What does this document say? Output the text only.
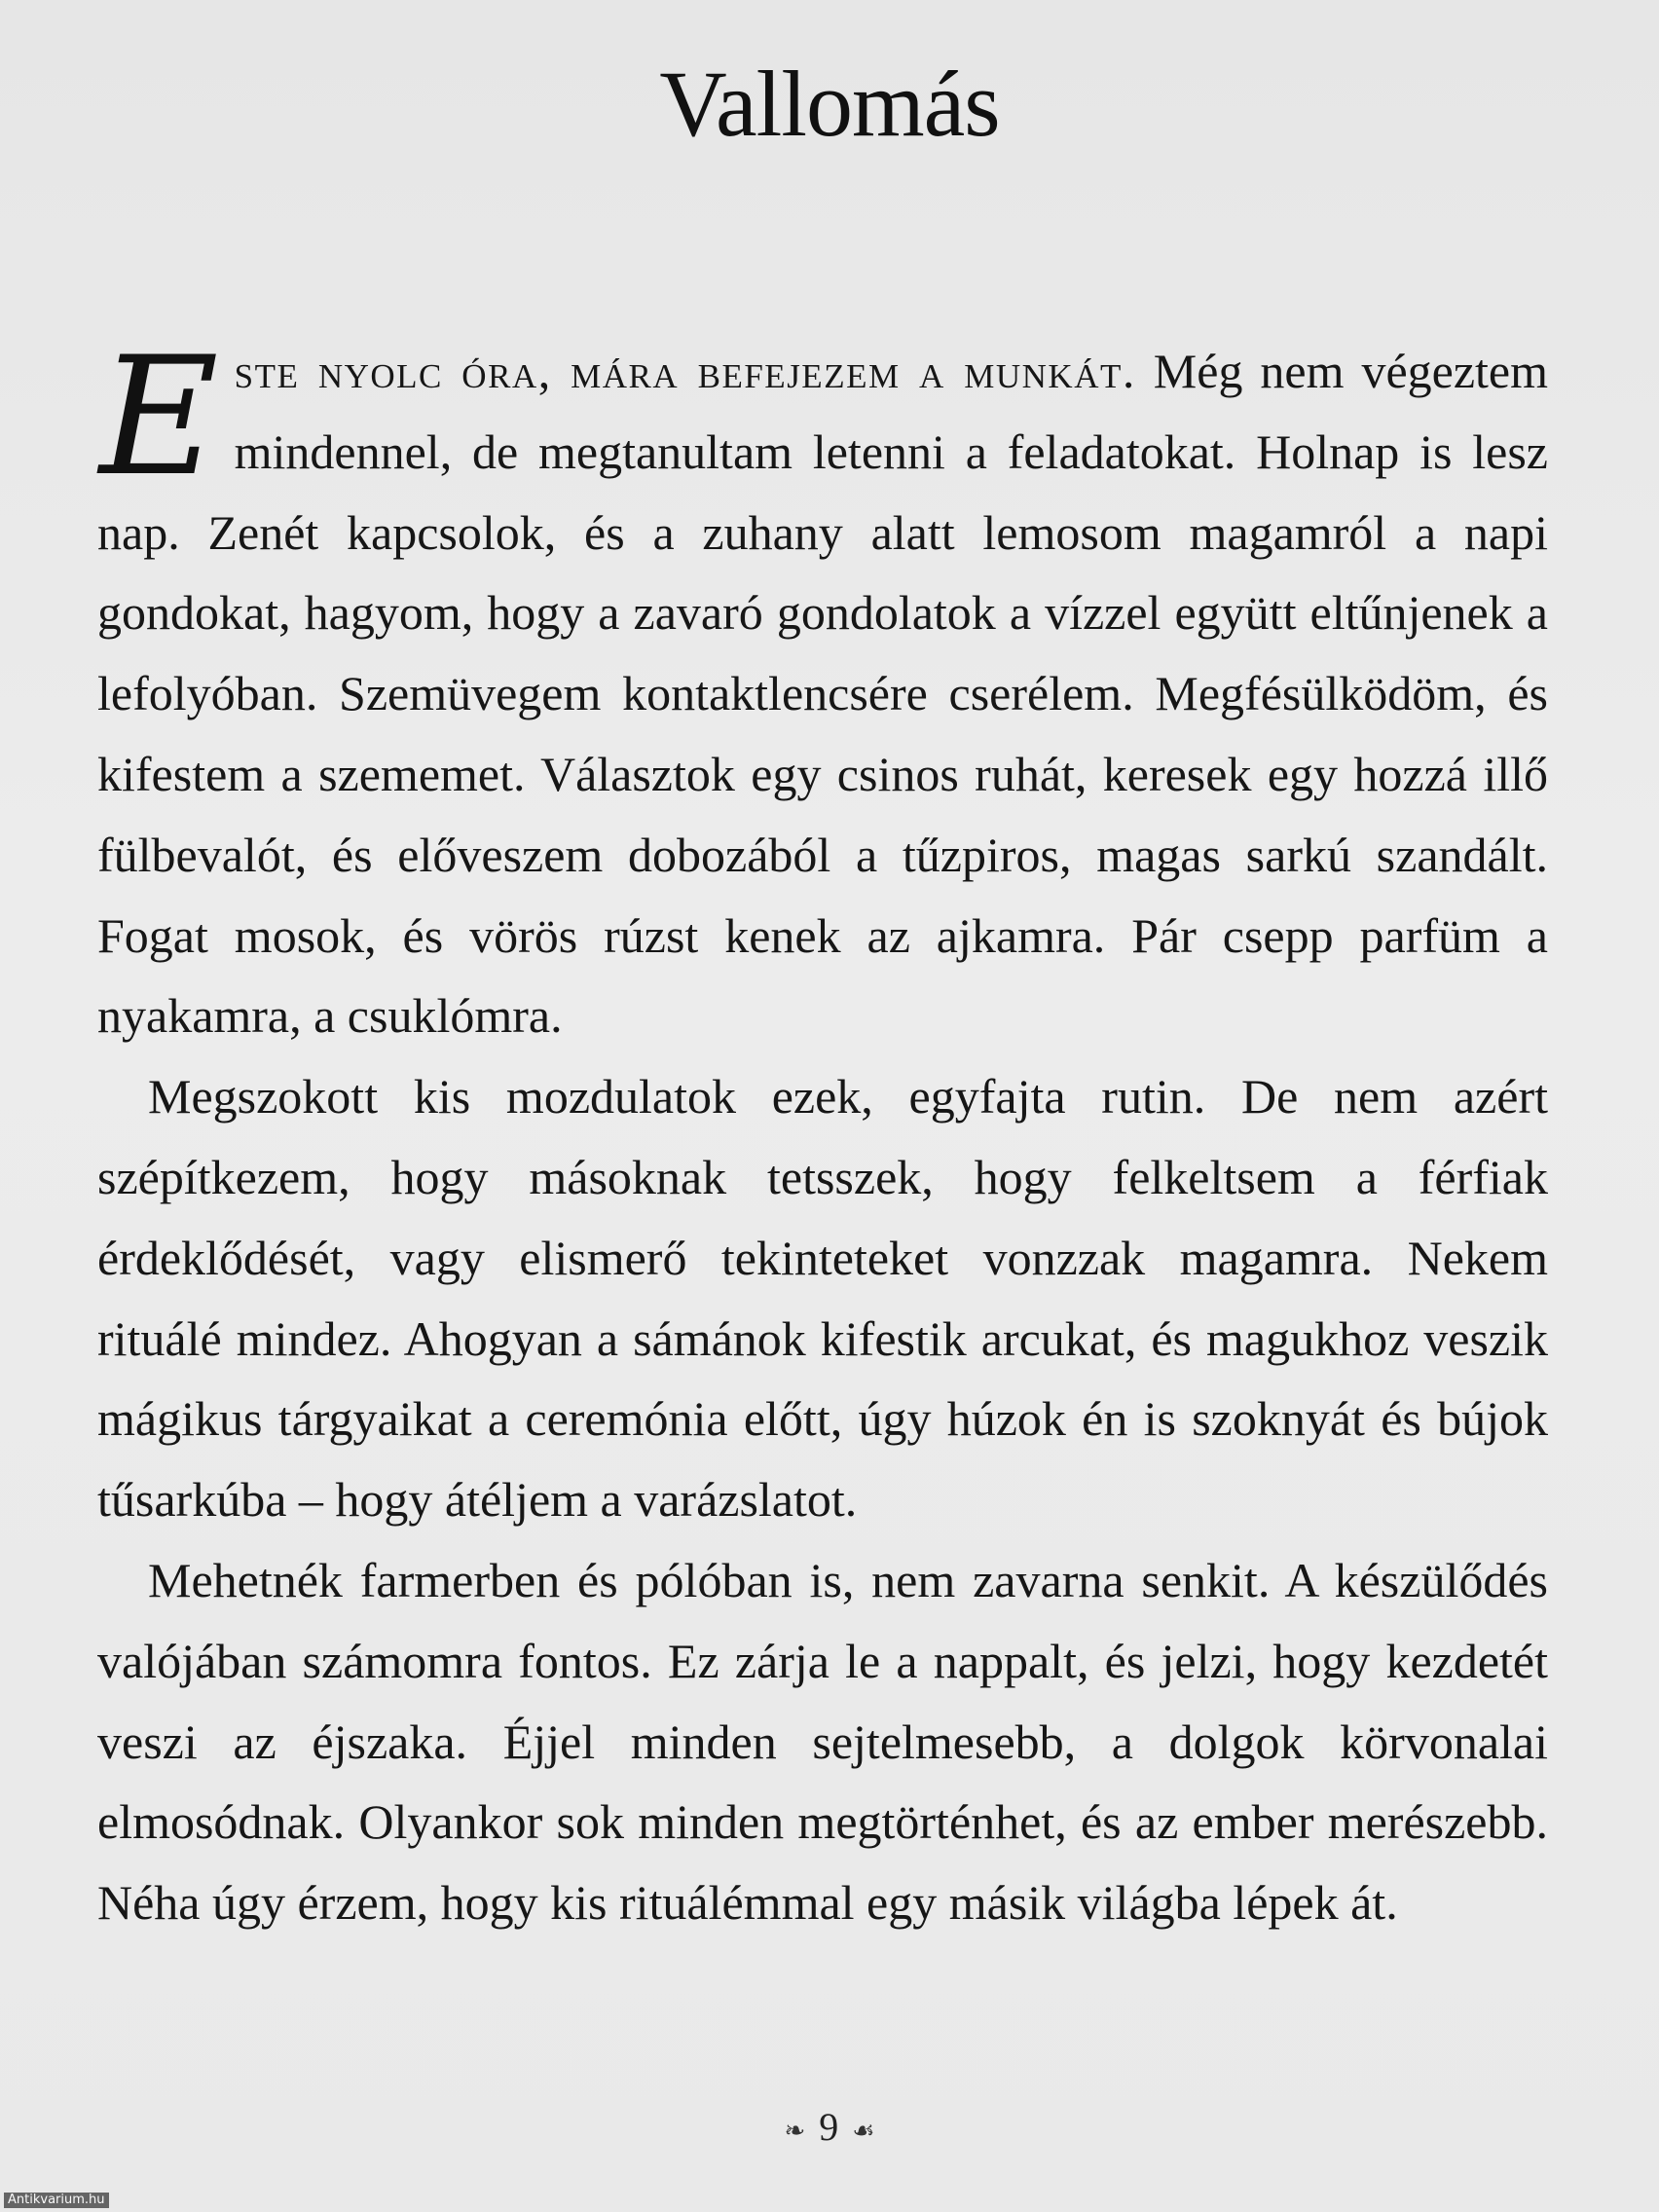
Vallomás

Este nyolc óra, mára befejezem a munkát. Még nem végeztem mindennel, de megtanultam letenni a feladatokat. Holnap is lesz nap. Zenét kapcsolok, és a zuhany alatt lemosom magamról a napi gondokat, hagyom, hogy a zavaró gondolatok a vízzel együtt eltűnjenek a lefolyóban. Szemüvegem kontaktlencsére cserélem. Megfésülködöm, és kifestem a szememet. Választok egy csinos ruhát, keresek egy hozzá illő fülbevalót, és előveszem dobozából a tűzpiros, magas sarkú szandált. Fogat mosok, és vörös rúzst kenek az ajkamra. Pár csepp parfüm a nyakamra, a csuklómra.

Megszokott kis mozdulatok ezek, egyfajta rutin. De nem azért szépítkezem, hogy másoknak tetsszek, hogy felkeltsem a férfiak érdeklődését, vagy elismerő tekinteteket vonzzak magamra. Nekem rituálé mindez. Ahogyan a sámánok kifestik arcukat, és magukhoz veszik mágikus tárgyaikat a ceremónia előtt, úgy húzok én is szoknyát és bújok tűsarkúba – hogy átéljem a varázslatot.

Mehetnék farmerben és pólóban is, nem zavarna senkit. A készülődés valójában számomra fontos. Ez zárja le a nappalt, és jelzi, hogy kezdetét veszi az éjszaka. Éjjel minden sejtelmesebb, a dolgok körvonalai elmosódnak. Olyankor sok minden megtörténhet, és az ember merészebb. Néha úgy érzem, hogy kis rituálémmal egy másik világba lépek át.

❧ 9 ☙
Antikvarium.hu
